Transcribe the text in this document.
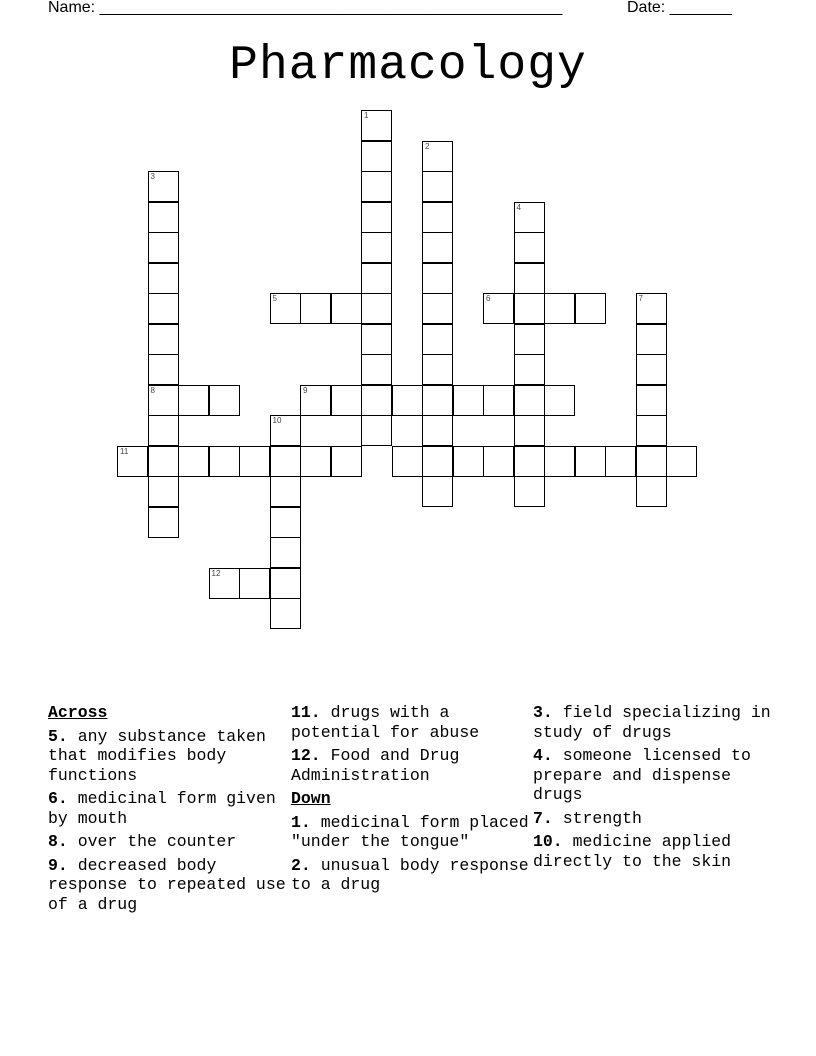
Name: ____________________________________________________	Date: _______
Pharmacology
1
2
3
4
5	6	7
9
10
11
12
8
Across
5. any substance taken that modifies body functions
6. medicinal form given by mouth
8. over the counter
9. decreased body response to repeated use of a drug
11. drugs with a potential for abuse
12. Food and Drug Administration
Down
1. medicinal form placed "under the tongue"
2. unusual body response to a drug
3. field specializing in study of drugs
4. someone licensed to prepare and dispense drugs
7. strength
10. medicine applied directly to the skin
